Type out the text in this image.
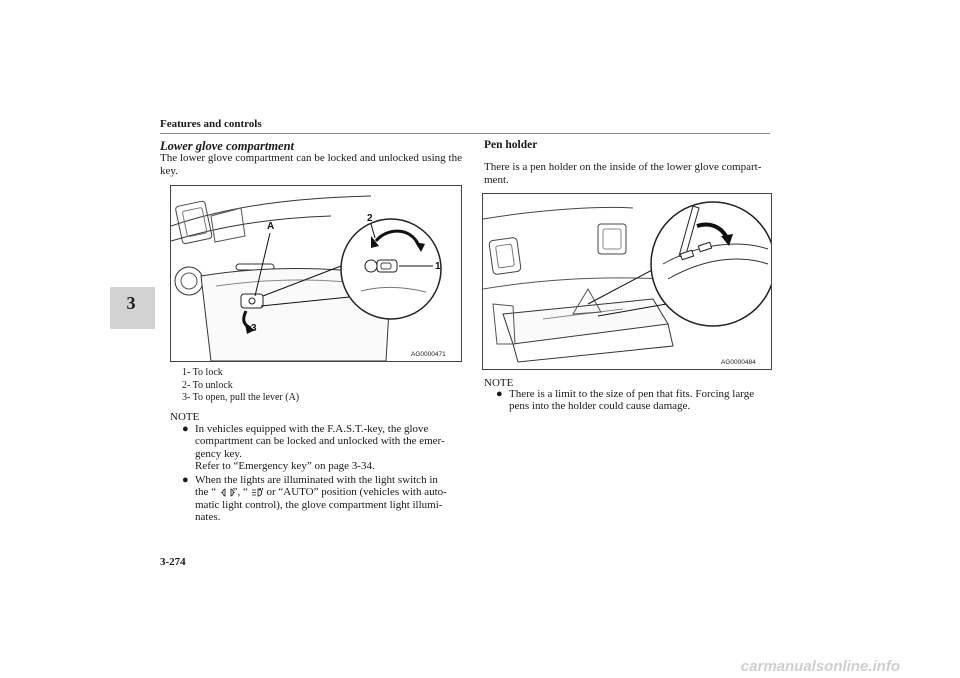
Features and controls
3
Lower glove compartment
The lower glove compartment can be locked and unlocked using the key.
3
A
2
1
AG0000471
1- To lock
2- To unlock
3- To open, pull the lever (A)
NOTE
● In vehicles equipped with the F.A.S.T.-key, the glove
compartment can be locked and unlocked with the emer-
gency key.
Refer to “Emergency key” on page 3-34.
● When the lights are illuminated with the light switch in
the “   ”, “  ” or “AUTO” position (vehicles with auto-
matic light control), the glove compartment light illumi-
nates.
Pen holder
There is a pen holder on the inside of the lower glove compart-
ment.
AG0000484
NOTE
● There is a limit to the size of pen that fits. Forcing large
pens into the holder could cause damage.
3-274
carmanualsonline.info
